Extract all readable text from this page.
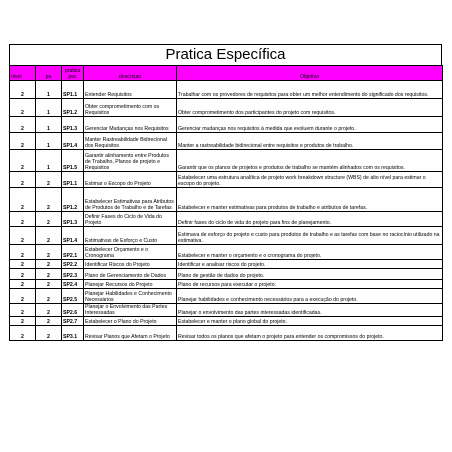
Pratica Específica
nivel	pa	pratica pec	descricao	Objetivo
2	1	SP1.1	Entender Requisitos	Trabalhar com os provedores de requisitos para obter um melhor entendimento do significado dos requisitos.
2	1	SP1.2	Obter comprometimento com os Requisitos	Obter comprometimento dos participantes do projeto com requisitos.
2	1	SP1.3	Gerenciar Mudanças nos Requisitos	Gerenciar mudanças nos requisitos à medida que evoluem durante o projeto.
2	1	SP1.4	Manter Rastreabilidade Bidirecional dos Requisitos	Manter a rastreabilidade bidirecional entre requisitos e produtos de trabalho.
2	1	SP1.5	Garantir alinhamento entre Produtos de Trabalho, Planos de projeto e Requisitos	Garantir que os planos de projetos e produtos de trabalho se mantém alinhados com os requisitos.
2	2	SP1.1	Estimar o Escopo do Projeto	Estabelecer uma estrutura analítica de projeto work breakdown structure (WBS) de alto nível para estimar o escopo do projeto.
2	2	SP1.2	Estabelecer Estimativas para Atributos de Produtos de Trabalho e de Tarefas	Estabelecer e manter estimativas para produtos de trabalho e atributos de tarefas.
2	2	SP1.3	Definir Fases do Ciclo de Vida do Projeto	Definir fases do ciclo de vida do projeto para fins de planejamento.
2	2	SP1.4	Estimativas de Esforço e Custo	Estimava de esforço do projeto e custo para produtos de trabalho e as tarefas com base no raciocínio utilizado na estimativa.
2	2	SP2.1	Estabelecer Orçamento e o Cronograma	Estabelecer e manter o orçamento e o cronograma do projeto.
2	2	SP2.2	Identificar Riscos do Projeto	Identificar e analisar riscos do projeto.
2	2	SP2.3	Plano de Gerenciamento de Dados	Plano de gestão de dados do projeto.
2	2	SP2.4	Planejar Recursos do Projeto	Plano de recursos para executar o projeto.
2	2	SP2.5	Planejar Habilidades e Conhecimento Necessários	Planejar habilidades e conhecimento necessários para a execução do projeto.
2	2	SP2.6	Planejar o Envolvimento das Partes Interessadas	Planejar o envolvimento das partes interessadas identificadas.
2	2	SP2.7	Estabelecer o Plano do Projeto	Estabelecer e manter o plano global do projeto.
2	2	SP3.1	Revisar Planos que Afetam o Projeto	Revisar todos os planos que afetam o projeto para entender os compromissos do projeto.
